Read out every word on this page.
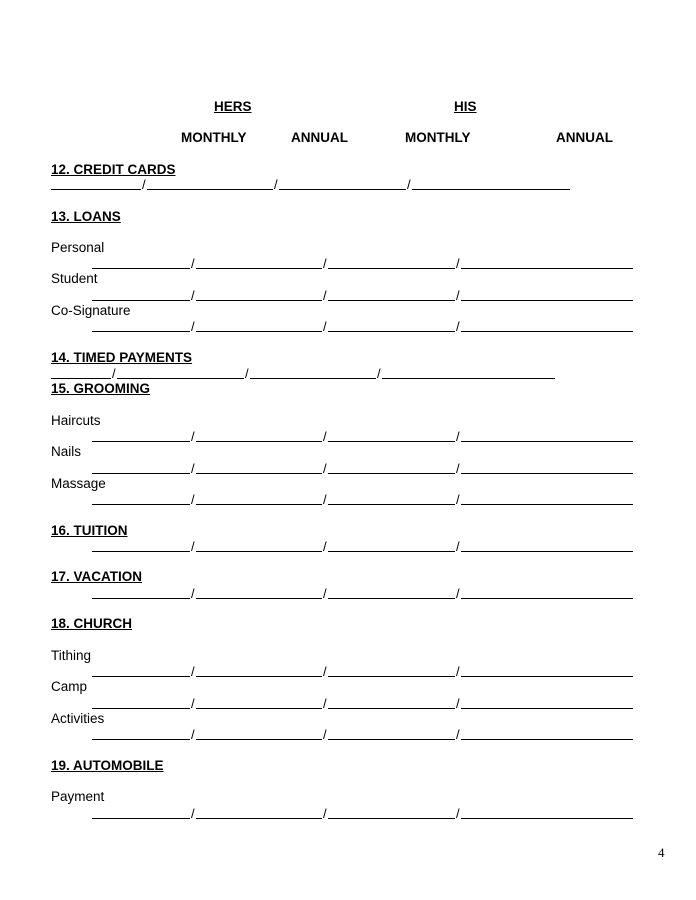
HERS	HIS
MONTHLY	ANNUAL	MONTHLY	ANNUAL
12. CREDIT CARDS
/	/	/
13. LOANS
Personal
/	/	/
Student
/	/	/
Co-Signature
/	/	/
14. TIMED PAYMENTS
/	/	/
15. GROOMING
Haircuts
/	/	/
Nails
/	/	/
Massage
/	/	/
16. TUITION
/	/	/
17. VACATION
/	/	/
18. CHURCH
Tithing
/	/	/
Camp
/	/	/
Activities
/	/	/
19. AUTOMOBILE
Payment
/	/	/
4
